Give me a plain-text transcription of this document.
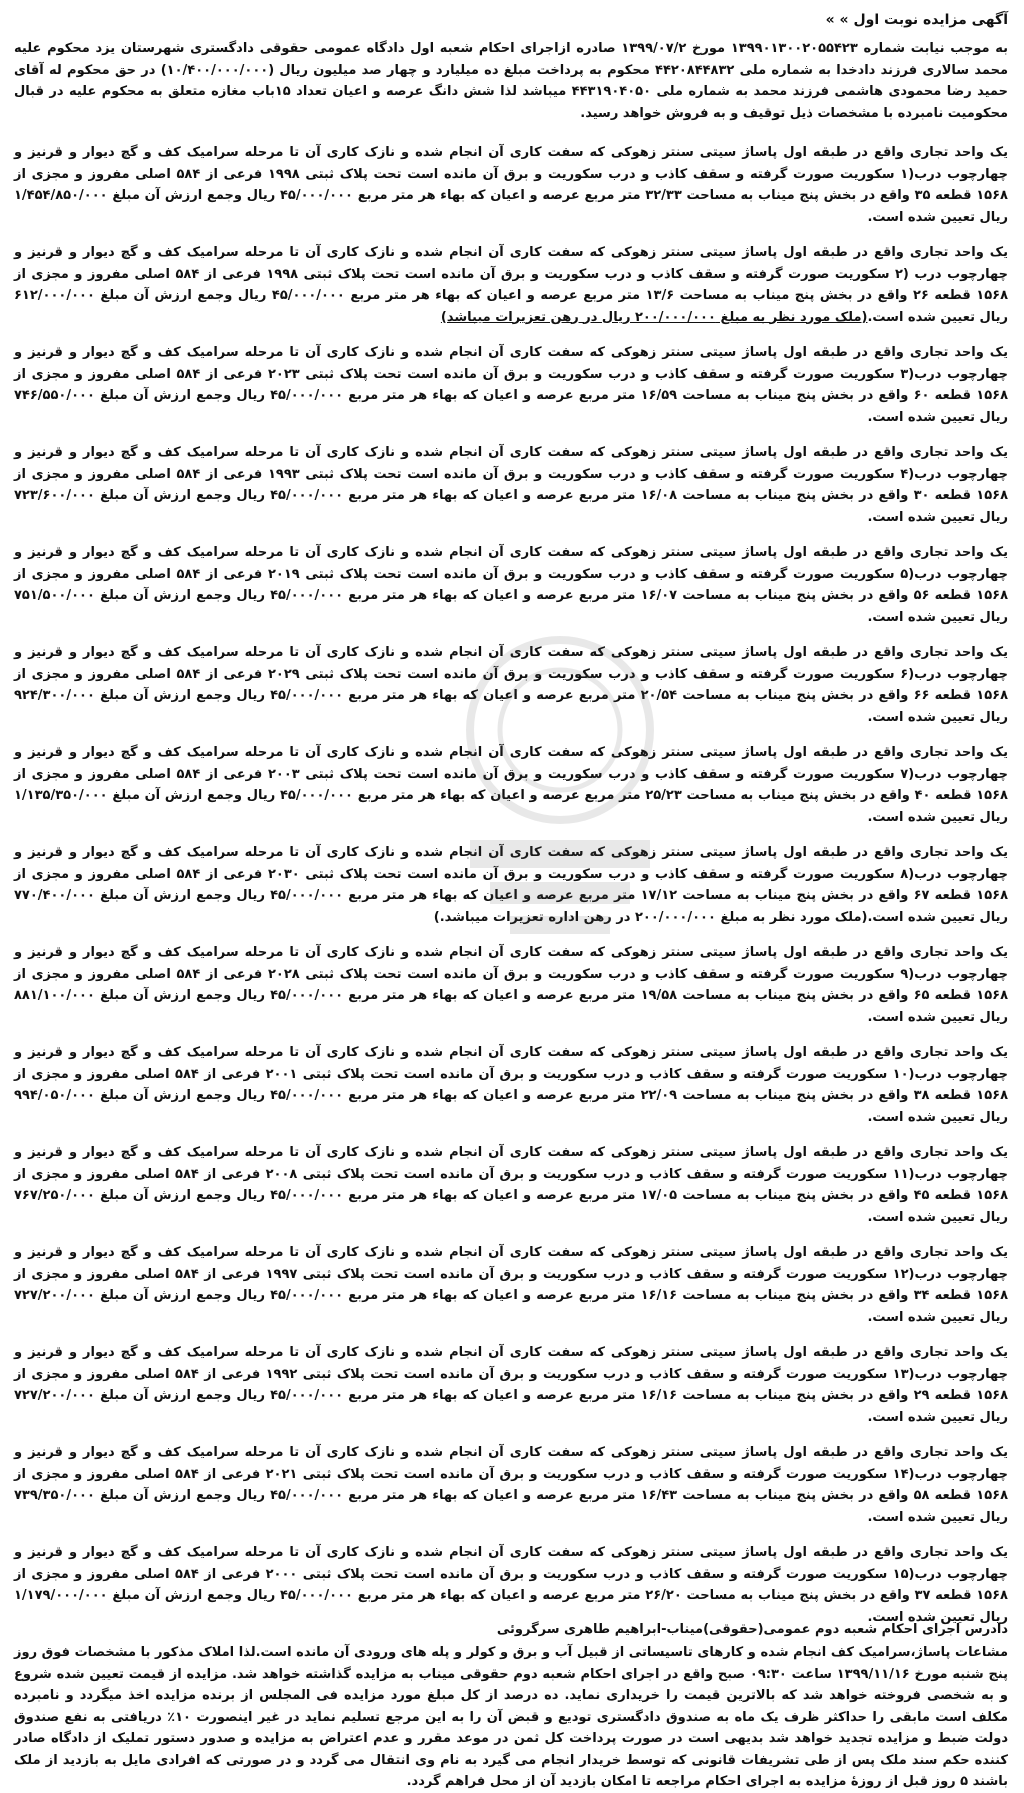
آگهی مزایده نوبت اول » »
به موجب نیابت شماره ۱۳۹۹۰۱۳۰۰۲۰۵۵۴۲۳ مورخ ۱۳۹۹/۰۷/۲ صادره ازاجرای احکام شعبه اول دادگاه عمومی حقوقی دادگستری شهرستان یزد محکوم علیه محمد سالاری فرزند دادخدا به شماره ملی ۴۴۲۰۸۴۴۸۳۲ محکوم به پرداخت مبلغ ده میلیارد و چهار صد میلیون ریال (۱۰/۴۰۰/۰۰۰/۰۰۰) در حق محکوم له آقای حمید رضا محمودی هاشمی فرزند محمد به شماره ملی ۴۴۳۱۹۰۴۰۵۰ میباشد لذا شش دانگ عرصه و اعیان تعداد ۱۵باب مغازه متعلق به محکوم علیه در قبال محکومیت نامبرده با مشخصات ذیل توقیف و به فروش خواهد رسید.
یک واحد تجاری واقع در طبقه اول پاساژ سیتی سنتر زهوکی که سفت کاری آن انجام شده و نازک کاری آن تا مرحله سرامیک کف و گچ دیوار و قرنیز و چهارچوب درب(۱ سکوریت صورت گرفته و سقف کاذب و درب سکوریت و برق آن مانده است تحت پلاک ثبتی ۱۹۹۸ فرعی از ۵۸۴ اصلی مفروز و مجزی از ۱۵۶۸ قطعه ۳۵ واقع در بخش پنج میناب به مساحت ۳۲/۳۳ متر مربع عرصه و اعیان که بهاء هر متر مربع ۴۵/۰۰۰/۰۰۰ ریال وجمع ارزش آن مبلغ ۱/۴۵۴/۸۵۰/۰۰۰ ریال تعیین شده است.
یک واحد تجاری واقع در طبقه اول پاساژ سیتی سنتر زهوکی که سفت کاری آن انجام شده و نازک کاری آن تا مرحله سرامیک کف و گچ دیوار و قرنیز و چهارچوب درب (۲ سکوریت صورت گرفته و سقف کاذب و درب سکوریت و برق آن مانده است تحت پلاک ثبتی ۱۹۹۸ فرعی از ۵۸۴ اصلی مفروز و مجزی از ۱۵۶۸ قطعه ۲۶ واقع در بخش پنج میناب به مساحت ۱۳/۶ متر مربع عرصه و اعیان که بهاء هر متر مربع ۴۵/۰۰۰/۰۰۰ ریال وجمع ارزش آن مبلغ ۶۱۲/۰۰۰/۰۰۰ ریال تعیین شده است.(ملک مورد نظر به مبلغ ۲۰۰/۰۰۰/۰۰۰ ریال در رهن تعزیرات میباشد)
یک واحد تجاری واقع در طبقه اول پاساژ سیتی سنتر زهوکی که سفت کاری آن انجام شده و نازک کاری آن تا مرحله سرامیک کف و گچ دیوار و قرنیز و چهارچوب درب(۳ سکوریت صورت گرفته و سقف کاذب و درب سکوریت و برق آن مانده است تحت پلاک ثبتی ۲۰۲۳ فرعی از ۵۸۴ اصلی مفروز و مجزی از ۱۵۶۸ قطعه ۶۰ واقع در بخش پنج میناب به مساحت ۱۶/۵۹ متر مربع عرصه و اعیان که بهاء هر متر مربع ۴۵/۰۰۰/۰۰۰ ریال وجمع ارزش آن مبلغ ۷۴۶/۵۵۰/۰۰۰ ریال تعیین شده است.
یک واحد تجاری واقع در طبقه اول پاساژ سیتی سنتر زهوکی که سفت کاری آن انجام شده و نازک کاری آن تا مرحله سرامیک کف و گچ دیوار و قرنیز و چهارچوب درب(۴ سکوریت صورت گرفته و سقف کاذب و درب سکوریت و برق آن مانده است تحت پلاک ثبتی ۱۹۹۳ فرعی از ۵۸۴ اصلی مفروز و مجزی از ۱۵۶۸ قطعه ۳۰ واقع در بخش پنج میناب به مساحت ۱۶/۰۸ متر مربع عرصه و اعیان که بهاء هر متر مربع ۴۵/۰۰۰/۰۰۰ ریال وجمع ارزش آن مبلغ ۷۲۳/۶۰۰/۰۰۰ ریال تعیین شده است.
یک واحد تجاری واقع در طبقه اول پاساژ سیتی سنتر زهوکی که سفت کاری آن انجام شده و نازک کاری آن تا مرحله سرامیک کف و گچ دیوار و قرنیز و چهارچوب درب(۵ سکوریت صورت گرفته و سقف کاذب و درب سکوریت و برق آن مانده است تحت پلاک ثبتی ۲۰۱۹ فرعی از ۵۸۴ اصلی مفروز و مجزی از ۱۵۶۸ قطعه ۵۶ واقع در بخش پنج میناب به مساحت ۱۶/۰۷ متر مربع عرصه و اعیان که بهاء هر متر مربع ۴۵/۰۰۰/۰۰۰ ریال وجمع ارزش آن مبلغ ۷۵۱/۵۰۰/۰۰۰ ریال تعیین شده است.
یک واحد تجاری واقع در طبقه اول پاساژ سیتی سنتر زهوکی که سفت کاری آن انجام شده و نازک کاری آن تا مرحله سرامیک کف و گچ دیوار و قرنیز و چهارچوب درب(۶ سکوریت صورت گرفته و سقف کاذب و درب سکوریت و برق آن مانده است تحت پلاک ثبتی ۲۰۲۹ فرعی از ۵۸۴ اصلی مفروز و مجزی از ۱۵۶۸ قطعه ۶۶ واقع در بخش پنج میناب به مساحت ۲۰/۵۴ متر مربع عرصه و اعیان که بهاء هر متر مربع ۴۵/۰۰۰/۰۰۰ ریال وجمع ارزش آن مبلغ ۹۲۴/۳۰۰/۰۰۰ ریال تعیین شده است.
یک واحد تجاری واقع در طبقه اول پاساژ سیتی سنتر زهوکی که سفت کاری آن انجام شده و نازک کاری آن تا مرحله سرامیک کف و گچ دیوار و قرنیز و چهارچوب درب(۷ سکوریت صورت گرفته و سقف کاذب و درب سکوریت و برق آن مانده است تحت پلاک ثبتی ۲۰۰۳ فرعی از ۵۸۴ اصلی مفروز و مجزی از ۱۵۶۸ قطعه ۴۰ واقع در بخش پنج میناب به مساحت ۲۵/۲۳ متر مربع عرصه و اعیان که بهاء هر متر مربع ۴۵/۰۰۰/۰۰۰ ریال وجمع ارزش آن مبلغ ۱/۱۳۵/۳۵۰/۰۰۰ ریال تعیین شده است.
یک واحد تجاری واقع در طبقه اول پاساژ سیتی سنتر زهوکی که سفت کاری آن انجام شده و نازک کاری آن تا مرحله سرامیک کف و گچ دیوار و قرنیز و چهارچوب درب(۸ سکوریت صورت گرفته و سقف کاذب و درب سکوریت و برق آن مانده است تحت پلاک ثبتی ۲۰۳۰ فرعی از ۵۸۴ اصلی مفروز و مجزی از ۱۵۶۸ قطعه ۶۷ واقع در بخش پنج میناب به مساحت ۱۷/۱۲ متر مربع عرصه و اعیان که بهاء هر متر مربع ۴۵/۰۰۰/۰۰۰ ریال وجمع ارزش آن مبلغ ۷۷۰/۴۰۰/۰۰۰ ریال تعیین شده است.(ملک مورد نظر به مبلغ ۲۰۰/۰۰۰/۰۰۰ در رهن اداره تعزیرات میباشد.)
یک واحد تجاری واقع در طبقه اول پاساژ سیتی سنتر زهوکی که سفت کاری آن انجام شده و نازک کاری آن تا مرحله سرامیک کف و گچ دیوار و قرنیز و چهارچوب درب(۹ سکوریت صورت گرفته و سقف کاذب و درب سکوریت و برق آن مانده است تحت پلاک ثبتی ۲۰۲۸ فرعی از ۵۸۴ اصلی مفروز و مجزی از ۱۵۶۸ قطعه ۶۵ واقع در بخش پنج میناب به مساحت ۱۹/۵۸ متر مربع عرصه و اعیان که بهاء هر متر مربع ۴۵/۰۰۰/۰۰۰ ریال وجمع ارزش آن مبلغ ۸۸۱/۱۰۰/۰۰۰ ریال تعیین شده است.
یک واحد تجاری واقع در طبقه اول پاساژ سیتی سنتر زهوکی که سفت کاری آن انجام شده و نازک کاری آن تا مرحله سرامیک کف و گچ دیوار و قرنیز و چهارچوب درب(۱۰ سکوریت صورت گرفته و سقف کاذب و درب سکوریت و برق آن مانده است تحت پلاک ثبتی ۲۰۰۱ فرعی از ۵۸۴ اصلی مفروز و مجزی از ۱۵۶۸ قطعه ۳۸ واقع در بخش پنج میناب به مساحت ۲۲/۰۹ متر مربع عرصه و اعیان که بهاء هر متر مربع ۴۵/۰۰۰/۰۰۰ ریال وجمع ارزش آن مبلغ ۹۹۴/۰۵۰/۰۰۰ ریال تعیین شده است.
یک واحد تجاری واقع در طبقه اول پاساژ سیتی سنتر زهوکی که سفت کاری آن انجام شده و نازک کاری آن تا مرحله سرامیک کف و گچ دیوار و قرنیز و چهارچوب درب(۱۱ سکوریت صورت گرفته و سقف کاذب و درب سکوریت و برق آن مانده است تحت پلاک ثبتی ۲۰۰۸ فرعی از ۵۸۴ اصلی مفروز و مجزی از ۱۵۶۸ قطعه ۴۵ واقع در بخش پنج میناب به مساحت ۱۷/۰۵ متر مربع عرصه و اعیان که بهاء هر متر مربع ۴۵/۰۰۰/۰۰۰ ریال وجمع ارزش آن مبلغ ۷۶۷/۲۵۰/۰۰۰ ریال تعیین شده است.
یک واحد تجاری واقع در طبقه اول پاساژ سیتی سنتر زهوکی که سفت کاری آن انجام شده و نازک کاری آن تا مرحله سرامیک کف و گچ دیوار و قرنیز و چهارچوب درب(۱۲ سکوریت صورت گرفته و سقف کاذب و درب سکوریت و برق آن مانده است تحت پلاک ثبتی ۱۹۹۷ فرعی از ۵۸۴ اصلی مفروز و مجزی از ۱۵۶۸ قطعه ۳۴ واقع در بخش پنج میناب به مساحت ۱۶/۱۶ متر مربع عرصه و اعیان که بهاء هر متر مربع ۴۵/۰۰۰/۰۰۰ ریال وجمع ارزش آن مبلغ ۷۲۷/۲۰۰/۰۰۰ ریال تعیین شده است.
یک واحد تجاری واقع در طبقه اول پاساژ سیتی سنتر زهوکی که سفت کاری آن انجام شده و نازک کاری آن تا مرحله سرامیک کف و گچ دیوار و قرنیز و چهارچوب درب(۱۳ سکوریت صورت گرفته و سقف کاذب و درب سکوریت و برق آن مانده است تحت پلاک ثبتی ۱۹۹۲ فرعی از ۵۸۴ اصلی مفروز و مجزی از ۱۵۶۸ قطعه ۲۹ واقع در بخش پنج میناب به مساحت ۱۶/۱۶ متر مربع عرصه و اعیان که بهاء هر متر مربع ۴۵/۰۰۰/۰۰۰ ریال وجمع ارزش آن مبلغ ۷۲۷/۲۰۰/۰۰۰ ریال تعیین شده است.
یک واحد تجاری واقع در طبقه اول پاساژ سیتی سنتر زهوکی که سفت کاری آن انجام شده و نازک کاری آن تا مرحله سرامیک کف و گچ دیوار و قرنیز و چهارچوب درب(۱۴ سکوریت صورت گرفته و سقف کاذب و درب سکوریت و برق آن مانده است تحت پلاک ثبتی ۲۰۲۱ فرعی از ۵۸۴ اصلی مفروز و مجزی از ۱۵۶۸ قطعه ۵۸ واقع در بخش پنج میناب به مساحت ۱۶/۴۳ متر مربع عرصه و اعیان که بهاء هر متر مربع ۴۵/۰۰۰/۰۰۰ ریال وجمع ارزش آن مبلغ ۷۳۹/۳۵۰/۰۰۰ ریال تعیین شده است.
یک واحد تجاری واقع در طبقه اول پاساژ سیتی سنتر زهوکی که سفت کاری آن انجام شده و نازک کاری آن تا مرحله سرامیک کف و گچ دیوار و قرنیز و چهارچوب درب(۱۵ سکوریت صورت گرفته و سقف کاذب و درب سکوریت و برق آن مانده است تحت پلاک ثبتی ۲۰۰۰ فرعی از ۵۸۴ اصلی مفروز و مجزی از ۱۵۶۸ قطعه ۳۷ واقع در بخش پنج میناب به مساحت ۲۶/۲۰ متر مربع عرصه و اعیان که بهاء هر متر مربع ۴۵/۰۰۰/۰۰۰ ریال وجمع ارزش آن مبلغ ۱/۱۷۹/۰۰۰/۰۰۰ ریال تعیین شده است.
مشاعات پاساژ،سرامیک کف انجام شده و کارهای تاسیساتی از قبیل آب و برق و کولر و پله های ورودی آن مانده است.لذا املاک مذکور با مشخصات فوق روز پنج شنبه مورخ ۱۳۹۹/۱۱/۱۶ ساعت ۰۹:۳۰ صبح واقع در اجرای احکام شعبه دوم حقوقی میناب به مزایده گذاشته خواهد شد. مزایده از قیمت تعیین شده شروع و به شخصی فروخته خواهد شد که بالاترین قیمت را خریداری نماید. ده درصد از کل مبلغ مورد مزایده فی المجلس از برنده مزایده اخذ میگردد و نامبرده مکلف است مابقی را حداکثر ظرف یک ماه به صندوق دادگستری تودیع و قبض آن را به این مرجع تسلیم نماید در غیر اینصورت ۱۰٪ دریافتی به نفع صندوق دولت ضبط و مزایده تجدید خواهد شد بدیهی است در صورت پرداخت کل ثمن در موعد مقرر و عدم اعتراض به مزایده و صدور دستور تملیک از دادگاه صادر کننده حکم سند ملک پس از طی تشریفات قانونی که توسط خریدار انجام می گیرد به نام وی انتقال می گردد و در صورتی که افرادی مایل به بازدید از ملک باشند ۵ روز قبل از روزۀ مزایده به اجرای احکام مراجعه تا امکان بازدید آن از محل فراهم گردد.
دادرس اجرای احکام شعبه دوم عمومی(حقوقی)میناب-ابراهیم طاهری سرگروئی
